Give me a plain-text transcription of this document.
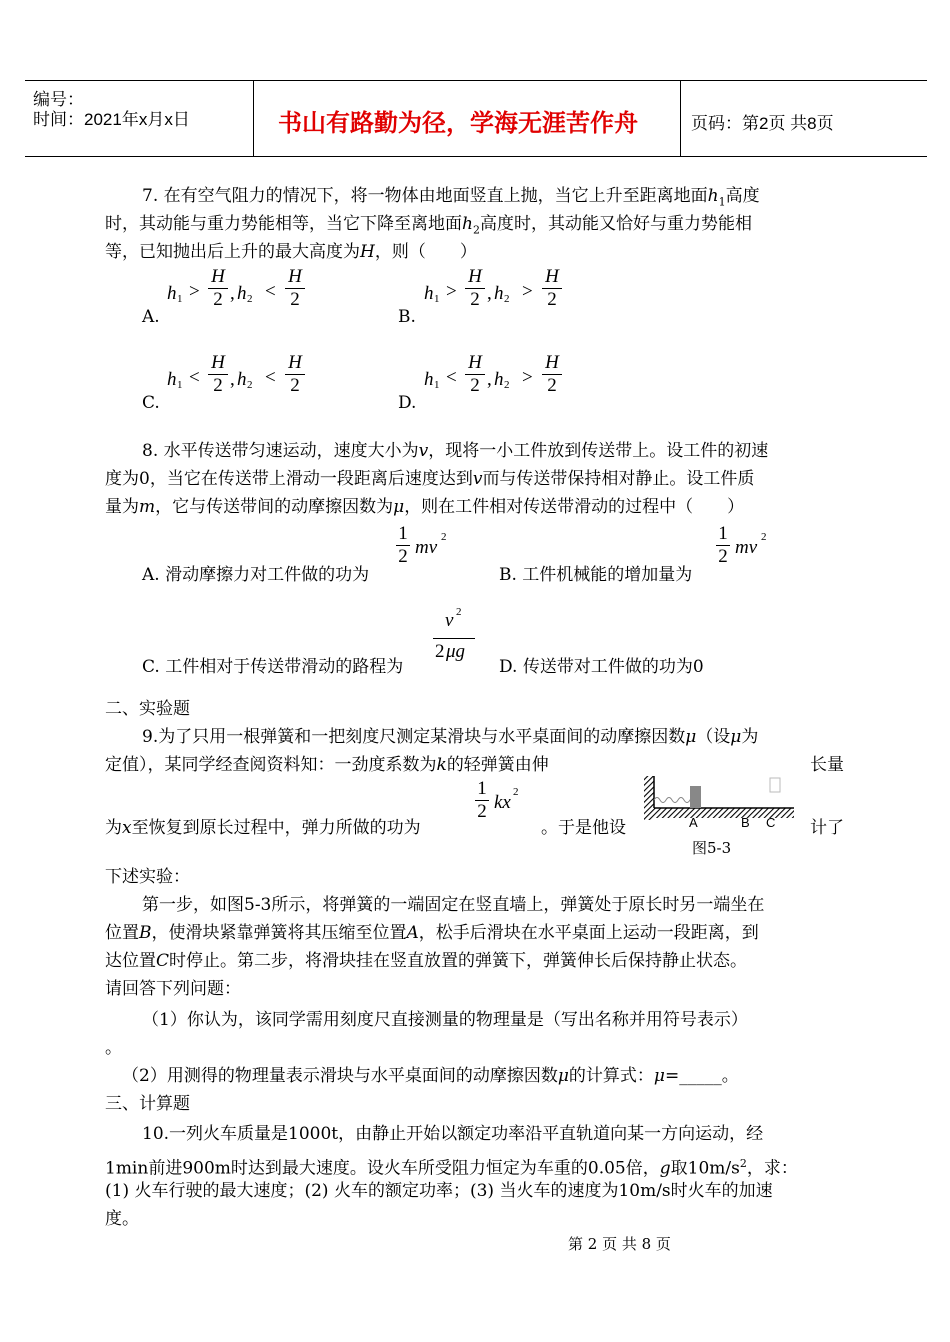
编号：
时间：2021年x月x日	书山有路勤为径，学海无涯苦作舟	页码：第2页 共8页
7. 在有空气阻力的情况下，将一物体由地面竖直上抛，当它上升至距离地面$h_1$高度
时，其动能与重力势能相等，当它下降至离地面$h_2$高度时，其动能又恰好与重力势能相
等，已知抛出后上升的最大高度为H，则（　　）
A.
h 1 >
H
2 , h 2 <
H
2
B.
h 1 >
H
2 , h 2 >
H
2
C.
h 1 <
H
2 , h 2 <
H
2
D.
h 1 <
H
2 , h 2 >
H
2
8. 水平传送带匀速运动，速度大小为v，现将一小工件放到传送带上。设工件的初速
度为0，当它在传送带上滑动一段距离后速度达到v而与传送带保持相对静止。设工件质
量为m，它与传送带间的动摩擦因数为μ，则在工件相对传送带滑动的过程中（　　）
A. 滑动摩擦力对工件做的功为
1
2 mv 2
B. 工件机械能的增加量为
1
2 mv 2
C. 工件相对于传送带滑动的路程为
v 2
2 μg
D. 传送带对工件做的功为0
二、实验题
9.为了只用一根弹簧和一把刻度尺测定某滑块与水平桌面间的动摩擦因数μ（设μ为
定值），某同学经查阅资料知：一劲度系数为k的轻弹簧由伸	长量
为x至恢复到原长过程中，弹力所做的功为
1
2 kx 2
。于是他设	计了
A	B C
图5-3
下述实验：
第一步，如图5-3所示，将弹簧的一端固定在竖直墙上，弹簧处于原长时另一端坐在
位置B，使滑块紧靠弹簧将其压缩至位置A，松手后滑块在水平桌面上运动一段距离，到
达位置C时停止。第二步，将滑块挂在竖直放置的弹簧下，弹簧伸长后保持静止状态。
请回答下列问题：
（1）你认为，该同学需用刻度尺直接测量的物理量是（写出名称并用符号表示）
。
（2）用测得的物理量表示滑块与水平桌面间的动摩擦因数μ的计算式：μ=_____。
三、计算题
10.一列火车质量是1000t，由静止开始以额定功率沿平直轨道向某一方向运动，经
1min前进900m时达到最大速度。设火车所受阻力恒定为车重的0.05倍，g取$10m/s^2$，求：
(1) 火车行驶的最大速度；(2) 火车的额定功率；(3) 当火车的速度为10m/s时火车的加速
度。
第 2 页 共 8 页
